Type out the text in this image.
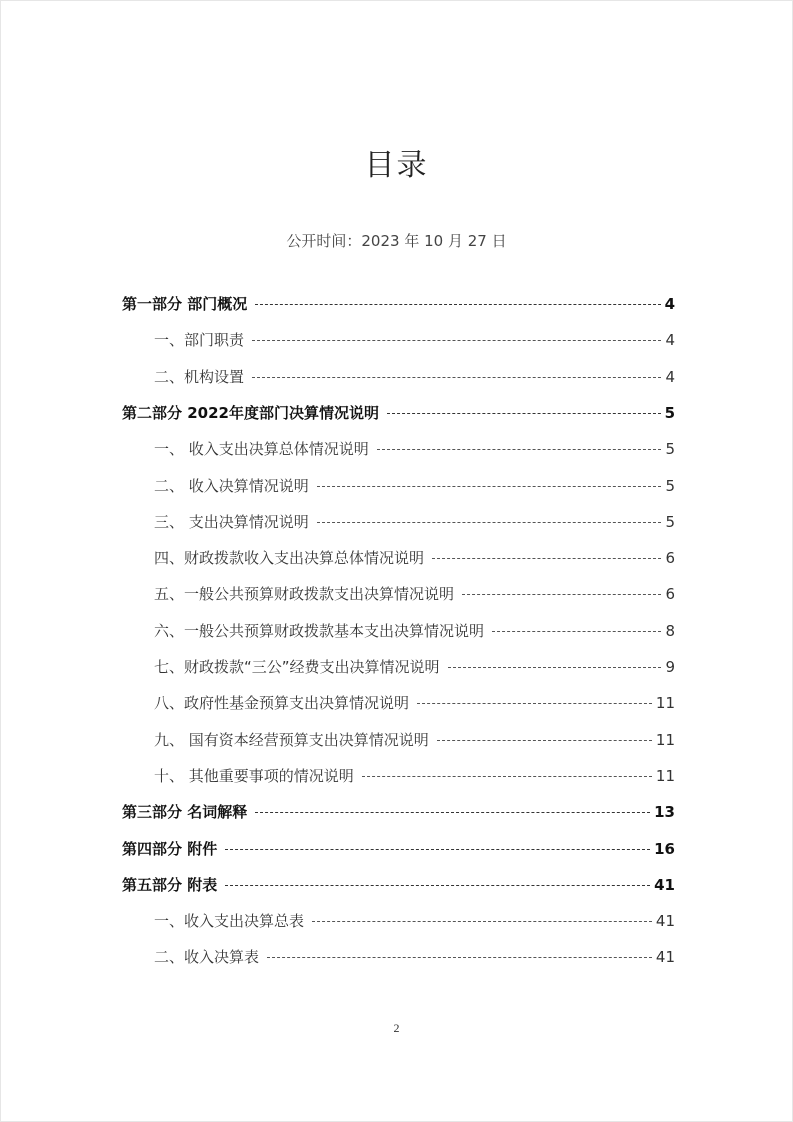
目录
公开时间：2023 年 10 月 27 日
第一部分 部门概况	4
一、部门职责	4
二、机构设置	4
第二部分 2022年度部门决算情况说明	5
一、 收入支出决算总体情况说明	5
二、 收入决算情况说明	5
三、 支出决算情况说明	5
四、财政拨款收入支出决算总体情况说明	6
五、一般公共预算财政拨款支出决算情况说明	6
六、一般公共预算财政拨款基本支出决算情况说明	8
七、财政拨款“三公”经费支出决算情况说明	9
八、政府性基金预算支出决算情况说明	11
九、 国有资本经营预算支出决算情况说明	11
十、 其他重要事项的情况说明	11
第三部分 名词解释	13
第四部分 附件	16
第五部分 附表	41
一、收入支出决算总表	41
二、收入决算表	41
2
